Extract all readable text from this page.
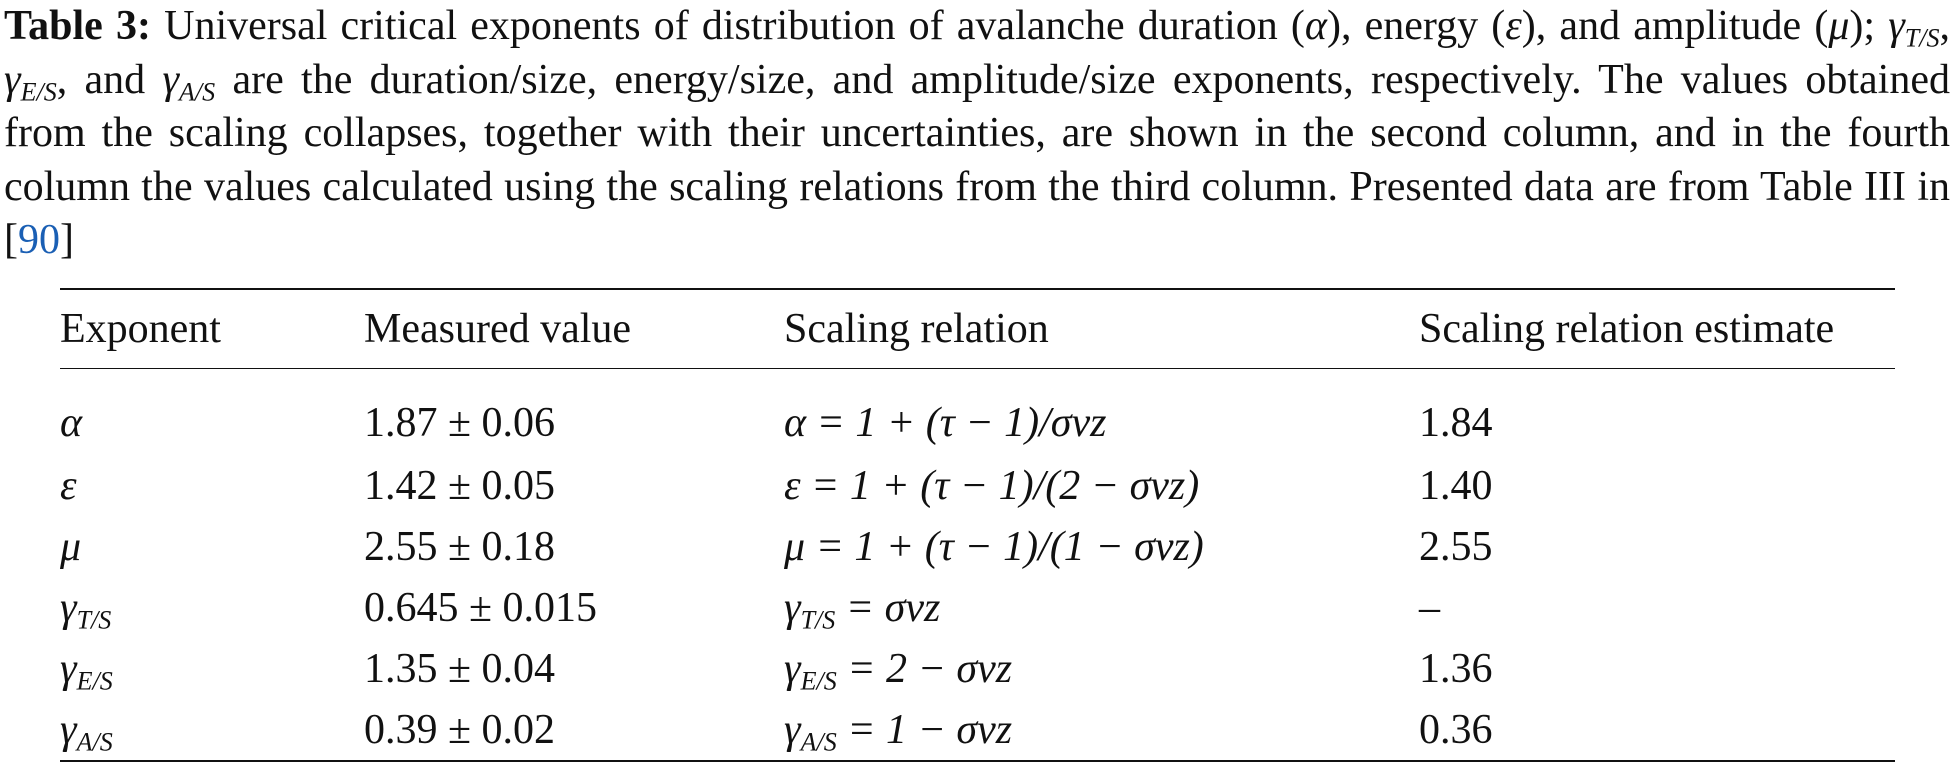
Table 3: Universal critical exponents of distribution of avalanche duration (α), energy (ε), and amplitude (μ); $\gamma_{T/S}$, $\gamma_{E/S}$, and $\gamma_{A/S}$ are the duration/size, energy/size, and amplitude/size exponents, respectively. The values obtained from the scaling collapses, together with their uncertainties, are shown in the second column, and in the fourth column the values calculated using the scaling relations from the third column. Presented data are from Table III in [90]
Exponent	Measured value	Scaling relation	Scaling relation estimate
α	1.87 ± 0.06	α = 1 + (τ − 1)/σνz	1.84
ε	1.42 ± 0.05	ε = 1 + (τ − 1)/(2 − σνz)	1.40
μ	2.55 ± 0.18	μ = 1 + (τ − 1)/(1 − σνz)	2.55
$\gamma_{T/S}$	0.645 ± 0.015	$\gamma_{T/S} = \sigma\nu z$	–
$\gamma_{E/S}$	1.35 ± 0.04	$\gamma_{E/S} = 2 - \sigma\nu z$	1.36
$\gamma_{A/S}$	0.39 ± 0.02	$\gamma_{A/S} = 1 - \sigma\nu z$	0.36
